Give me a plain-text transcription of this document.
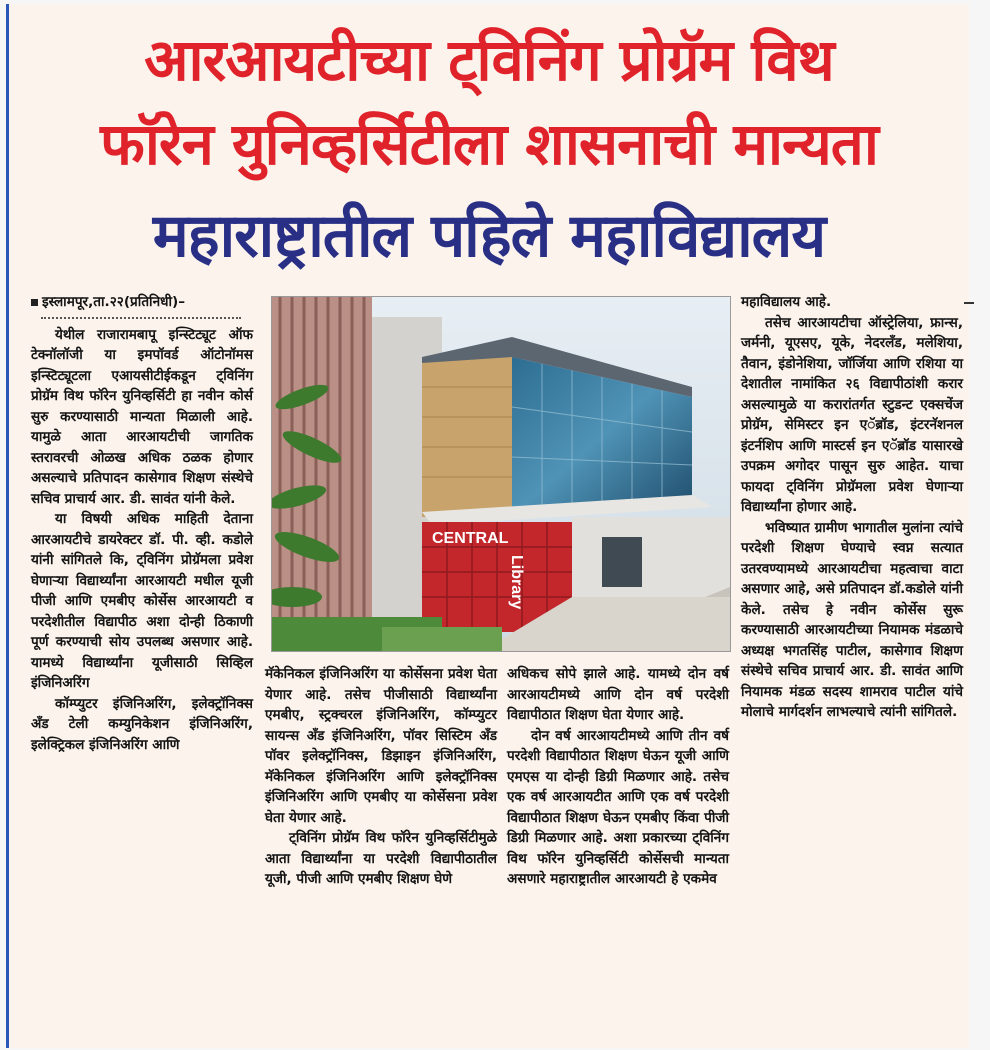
आरआयटीच्या ट्विनिंग प्रोग्रॅम विथ
फॉरेन युनिव्हर्सिटीला शासनाची मान्यता
महाराष्ट्रातील पहिले महाविद्यालय

इस्लामपूर,ता.२२(प्रतिनिधी)–

येथील राजारामबापू इन्स्टिट्यूट ऑफ टेक्नॉलॉजी या इमपॉवर्ड ऑटोनॉमस इन्स्टिट्यूटला एआयसीटीईकडून ट्विनिंग प्रोग्रॅम विथ फॉरेन युनिव्हर्सिटी हा नवीन कोर्स सुरु करण्यासाठी मान्यता मिळाली आहे. यामुळे आता आरआयटीची जागतिक स्तरावरची ओळख अधिक ठळक होणार असल्याचे प्रतिपादन कासेगाव शिक्षण संस्थेचे सचिव प्राचार्य आर. डी. सावंत यांनी केले.

या विषयी अधिक माहिती देताना आरआयटीचे डायरेक्टर डॉ. पी. व्ही. कडोले यांनी सांगितले कि, ट्विनिंग प्रोग्रॅमला प्रवेश घेणाऱ्या विद्यार्थ्यांना आरआयटी मधील यूजी पीजी आणि एमबीए कोर्सेस आरआयटी व परदेशीतील विद्यापीठ अशा दोन्ही ठिकाणी पूर्ण करण्याची सोय उपलब्ध असणार आहे. यामध्ये विद्यार्थ्यांना यूजीसाठी सिव्हिल इंजिनिअरिंग

कॉम्प्युटर इंजिनिअरिंग, इलेक्ट्रॉनिक्स अँड टेली कम्युनिकेशन इंजिनिअरिंग, इलेक्ट्रिकल इंजिनिअरिंग आणि

CENTRAL
Library

मॅकेनिकल इंजिनिअरिंग या कोर्सेसना प्रवेश घेता येणार आहे. तसेच पीजीसाठी विद्यार्थ्यांना एमबीए, स्ट्रक्चरल इंजिनिअरिंग, कॉम्प्युटर सायन्स अँड इंजिनिअरिंग, पॉवर सिस्टिम अँड पॉवर इलेक्ट्रॉनिक्स, डिझाइन इंजिनिअरिंग, मॅकेनिकल इंजिनिअरिंग आणि इलेक्ट्रॉनिक्स इंजिनिअरिंग आणि एमबीए या कोर्सेसना प्रवेश घेता येणार आहे.

ट्विनिंग प्रोग्रॅम विथ फॉरेन युनिव्हर्सिटीमुळे आता विद्यार्थ्यांना या परदेशी विद्यापीठातील यूजी, पीजी आणि एमबीए शिक्षण घेणे

अधिकच सोपे झाले आहे. यामध्ये दोन वर्ष आरआयटीमध्ये आणि दोन वर्ष परदेशी विद्यापीठात शिक्षण घेता येणार आहे.

दोन वर्ष आरआयटीमध्ये आणि तीन वर्ष परदेशी विद्यापीठात शिक्षण घेऊन यूजी आणि एमएस या दोन्ही डिग्री मिळणार आहे. तसेच एक वर्ष आरआयटीत आणि एक वर्ष परदेशी विद्यापीठात शिक्षण घेऊन एमबीए किंवा पीजी डिग्री मिळणार आहे. अशा प्रकारच्या ट्विनिंग विथ फॉरेन युनिव्हर्सिटी कोर्सेसची मान्यता असणारे महाराष्ट्रातील आरआयटी हे एकमेव

महाविद्यालय आहे.

तसेच आरआयटीचा ऑस्ट्रेलिया, फ्रान्स, जर्मनी, यूएसए, यूके, नेदरलँड, मलेशिया, तैवान, इंडोनेशिया, जॉर्जिया आणि रशिया या देशातील नामांकित २६ विद्यापीठांशी करार असल्यामुळे या करारांतर्गत स्टुडन्ट एक्सचेंज प्रोग्रॅम, सेमिस्टर इन एॅब्रॉड, इंटरनॅशनल इंटर्नशिप आणि मास्टर्स इन एॅब्रॉड यासारखे उपक्रम अगोदर पासून सुरु आहेत. याचा फायदा ट्विनिंग प्रोग्रॅमला प्रवेश घेणाऱ्या विद्यार्थ्यांना होणार आहे.

भविष्यात ग्रामीण भागातील मुलांना त्यांचे परदेशी शिक्षण घेण्याचे स्वप्न सत्यात उतरवण्यामध्ये आरआयटीचा महत्वाचा वाटा असणार आहे, असे प्रतिपादन डॉ.कडोले यांनी केले. तसेच हे नवीन कोर्सेस सुरू करण्यासाठी आरआयटीच्या नियामक मंडळाचे अध्यक्ष भगतसिंह पाटील, कासेगाव शिक्षण संस्थेचे सचिव प्राचार्य आर. डी. सावंत आणि नियामक मंडळ सदस्य शामराव पाटील यांचे मोलाचे मार्गदर्शन लाभल्याचे त्यांनी सांगितले.
